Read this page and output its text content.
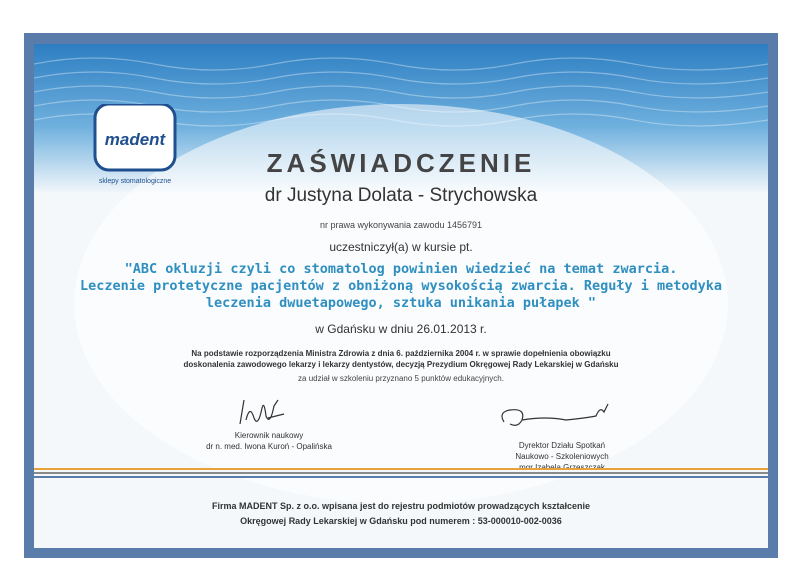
madent
sklepy stomatologiczne
ZAŚWIADCZENIE
dr Justyna Dolata - Strychowska
nr prawa wykonywania zawodu 1456791
uczestniczył(a) w kursie pt.
"ABC okluzji czyli co stomatolog powinien wiedzieć na temat zwarcia.
Leczenie protetyczne pacjentów z obniżoną wysokością zwarcia. Reguły i metodyka
leczenia dwuetapowego, sztuka unikania pułapek "
w Gdańsku w dniu 26.01.2013 r.
Na podstawie rozporządzenia Ministra Zdrowia z dnia 6. października 2004 r. w sprawie dopełnienia obowiązku
doskonalenia zawodowego lekarzy i lekarzy dentystów, decyzją Prezydium Okręgowej Rady Lekarskiej w Gdańsku
za udział w szkoleniu przyznano 5 punktów edukacyjnych.
Kierownik naukowy
dr n. med. Iwona Kuroń - Opalińska	Dyrektor Działu Spotkań
Naukowo - Szkoleniowych
Firma MADENT Sp. z o.o. wpisana jest do rejestru podmiotów prowadzących kształcenie
Okręgowej Rady Lekarskiej w Gdańsku pod numerem : 53-000010-002-0036
